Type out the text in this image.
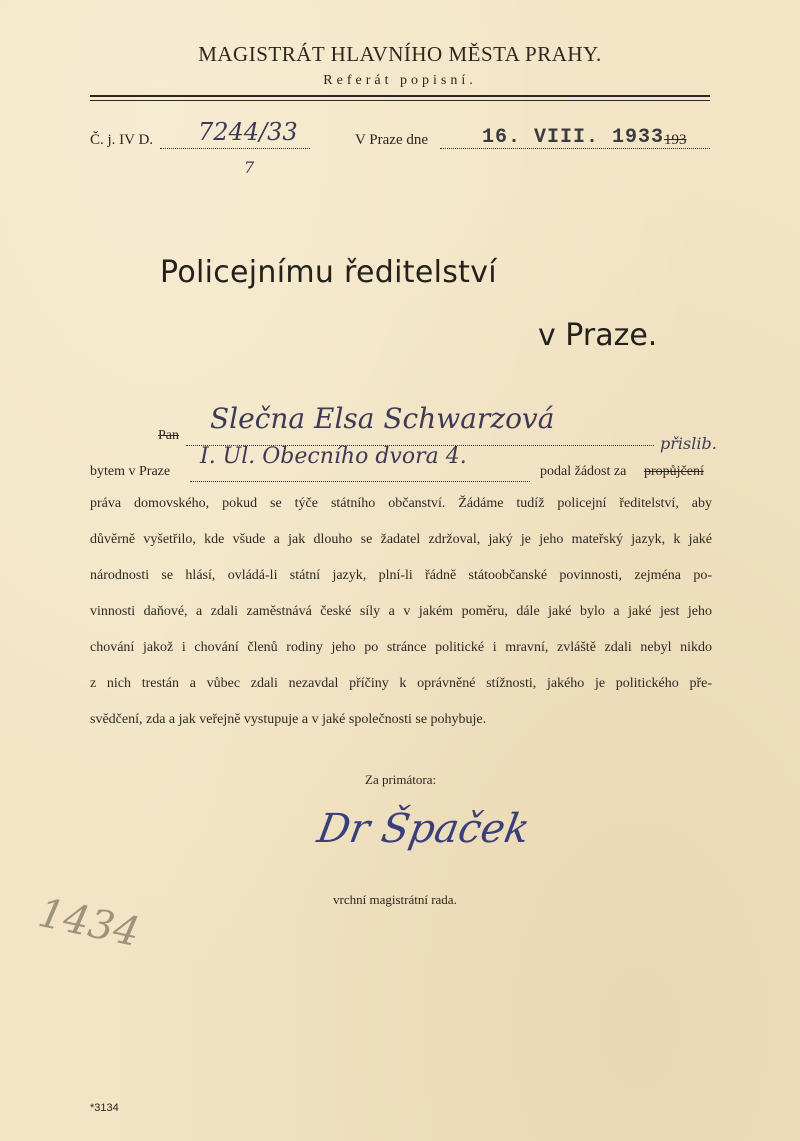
MAGISTRÁT HLAVNÍHO MĚSTA PRAHY.
Referát popisní.
Č. j. IV D. 7244/33
7
V Praze dne	16. VIII. 1933 193
Policejnímu ředitelství
v Praze.
Pan
Slečna Elsa Schwarzová
bytem v Praze
I. Ul. Obecního dvora 4.
podal žádost za propůjčení
přislib.
práva domovského, pokud se týče státního občanství. Žádáme tudíž policejní ředitelství, aby
důvěrně vyšetřilo, kde všude a jak dlouho se žadatel zdržoval, jaký je jeho mateřský jazyk, k jaké
národnosti se hlásí, ovládá-li státní jazyk, plní-li řádně státoobčanské povinnosti, zejména po-
vinnosti daňové, a zdali zaměstnává české síly a v jakém poměru, dále jaké bylo a jaké jest jeho
chování jakož i chování členů rodiny jeho po stránce politické i mravní, zvláště zdali nebyl nikdo
z nich trestán a vůbec zdali nezavdal příčiny k oprávněné stížnosti, jakého je politického pře-
svědčení, zda a jak veřejně vystupuje a v jaké společnosti se pohybuje.
Za primátora:
Dr Špaček
vrchní magistrátní rada.
1434
*3134
